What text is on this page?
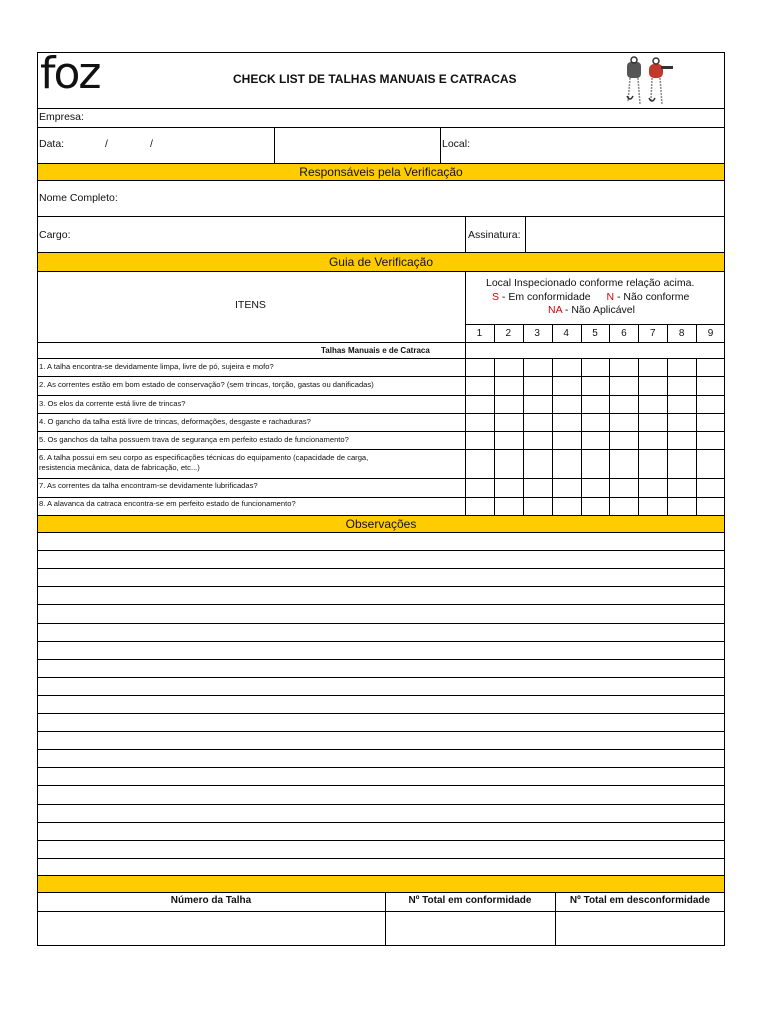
foz	CHECK LIST DE TALHAS MANUAIS E CATRACAS
Empresa:
Data:	/	/	Local:
Responsáveis pela Verificação
Nome Completo:
Cargo:	Assinatura:
Guia de Verificação
ITENS
Local Inspecionado conforme relação acima.
S - Em conformidade N - Não conforme
NA - Não Aplicável
1	2	3	4	5	6	7	8	9
Talhas Manuais e de Catraca
1. A talha encontra-se devidamente limpa, livre de pó, sujeira e mofo?
2. As correntes estão em bom estado de conservação? (sem trincas, torção, gastas ou danificadas)
3. Os elos da corrente está livre de trincas?
4. O gancho da talha está livre de trincas, deformações, desgaste e rachaduras?
5. Os ganchos da talha possuem trava de segurança em perfeito estado de funcionamento?
6. A talha possui em seu corpo as especificações técnicas do equipamento (capacidade de carga,
resistencia mecânica, data de fabricação, etc...)
7. As correntes da talha encontram-se devidamente lubrificadas?
8. A alavanca da catraca encontra-se em perfeito estado de funcionamento?
Observações
Número da Talha	Nº Total em conformidade	Nº Total em desconformidade
